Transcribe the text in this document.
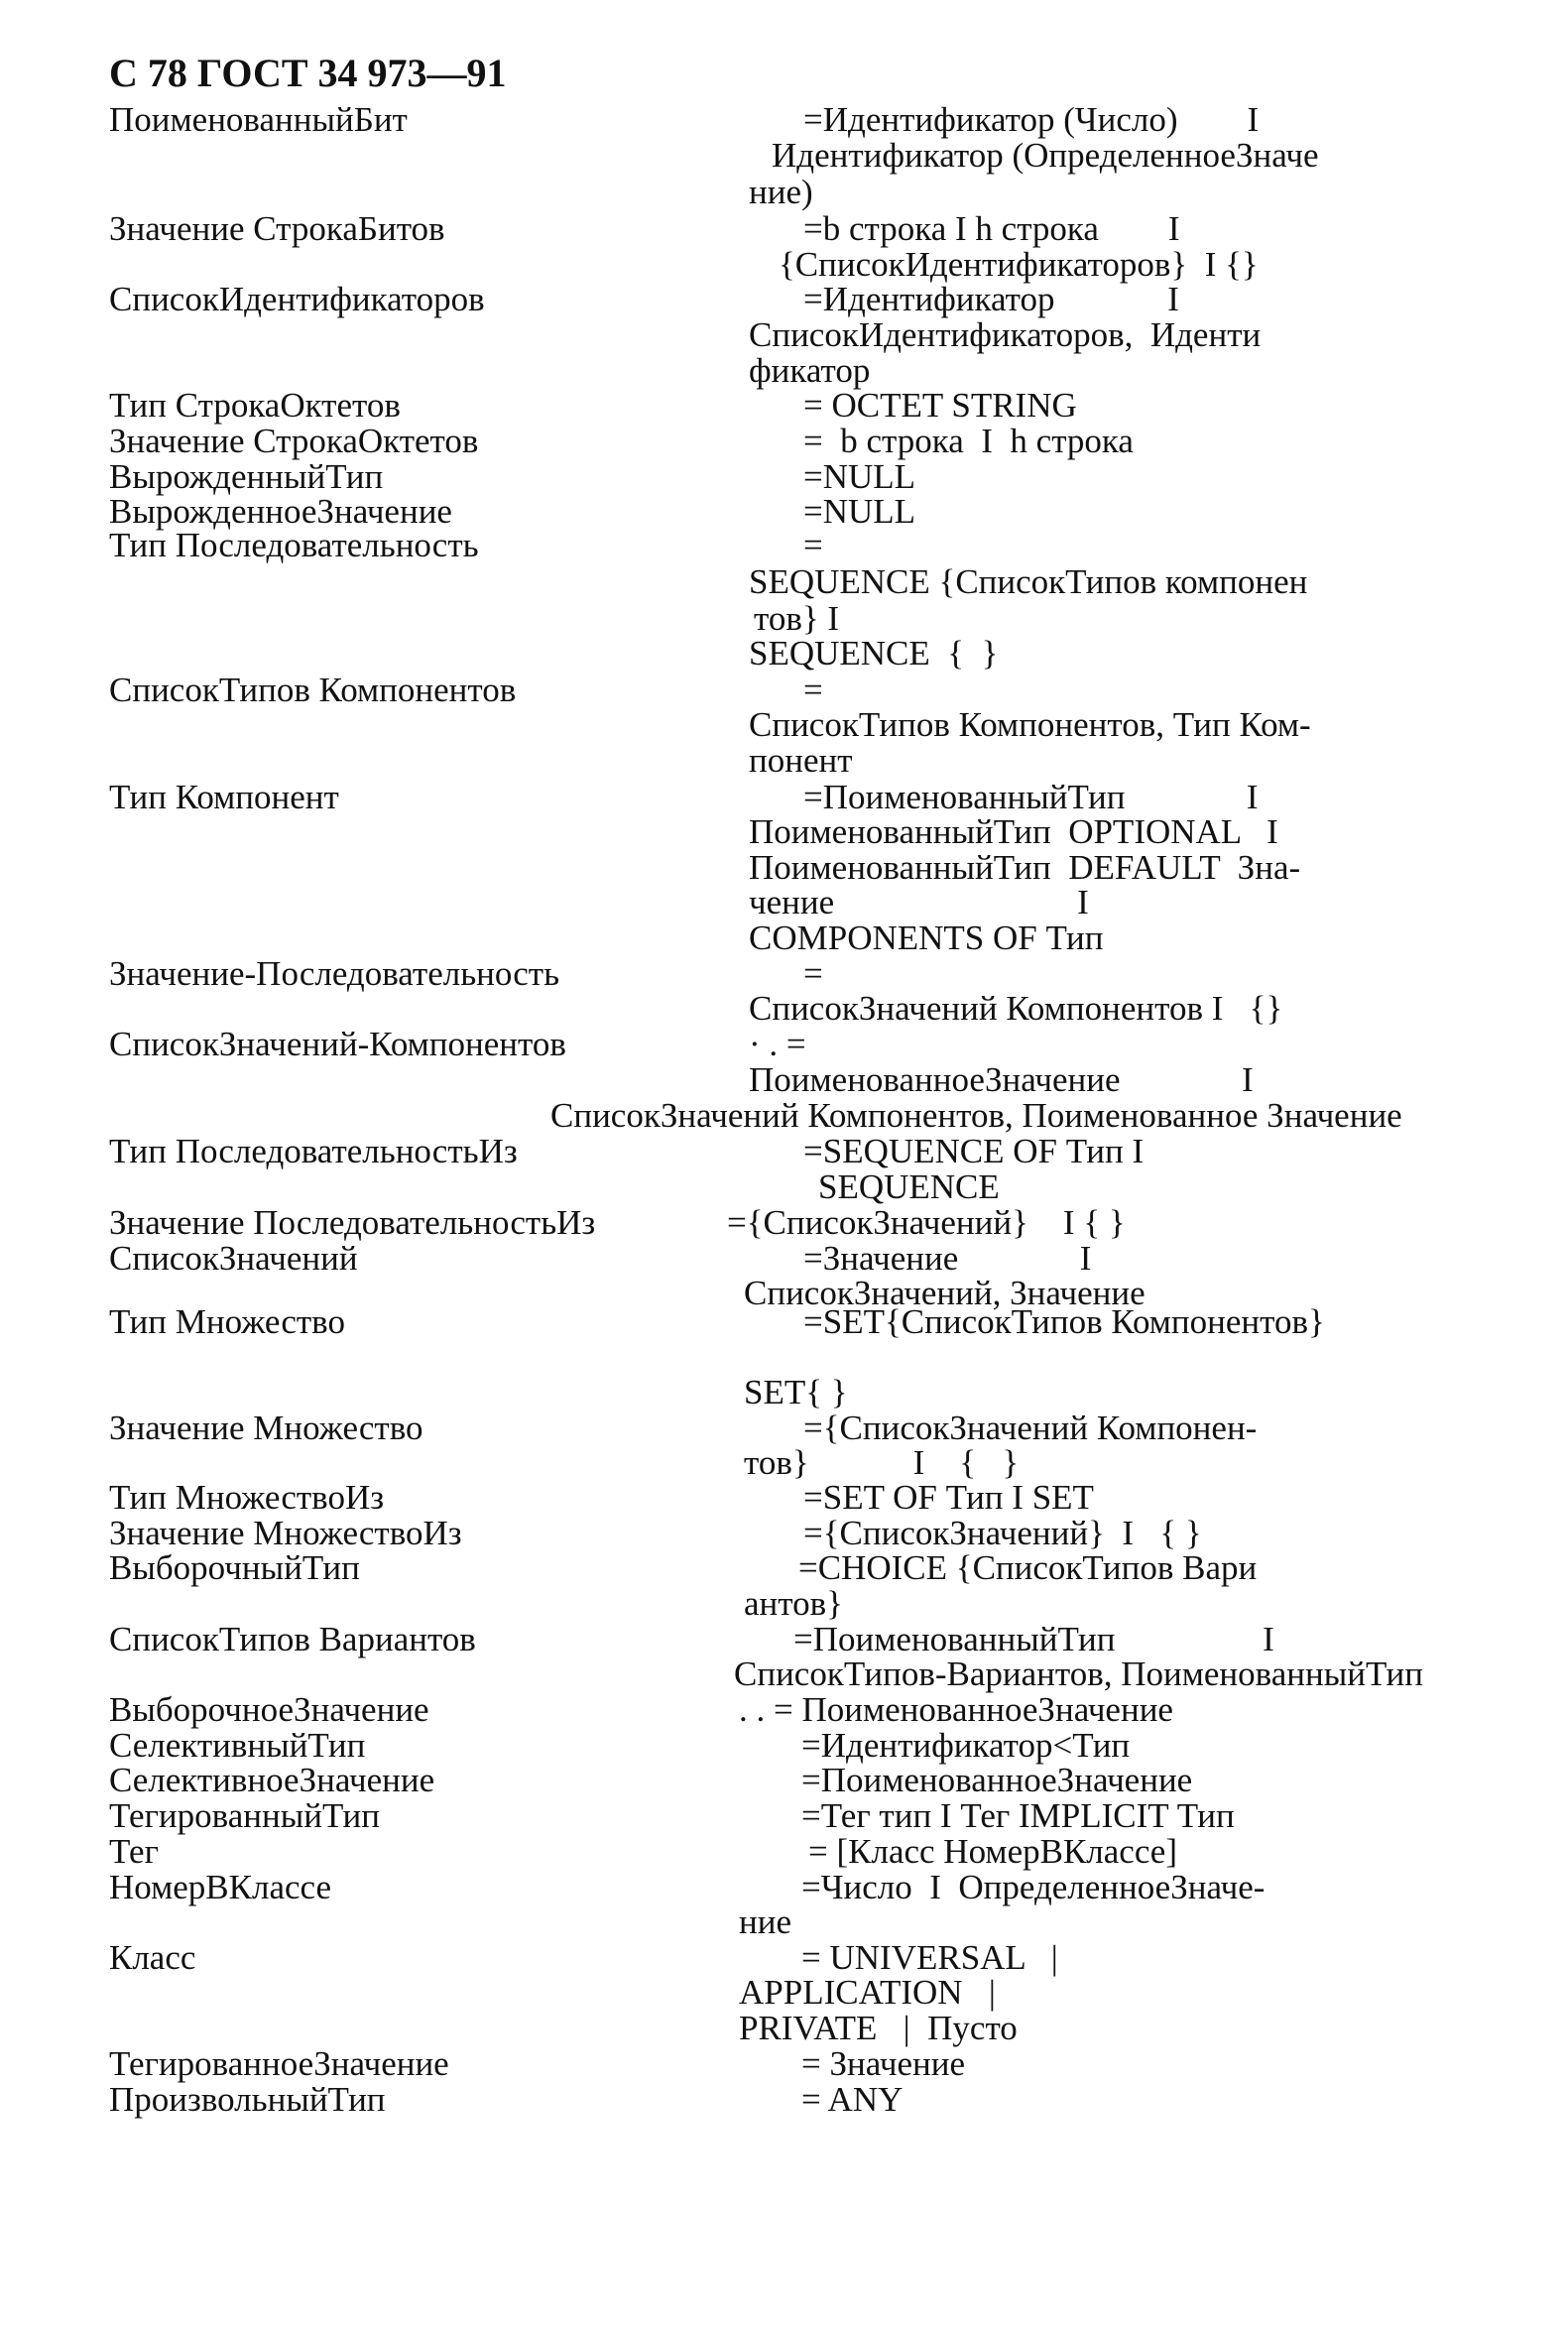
С 78 ГОСТ 34 973—91
ПоименованныйБит
Значение СтрокаБитов
СписокИдентификаторов
Тип СтрокаОктетов
Значение СтрокаОктетов
ВырожденныйТип
ВырожденноеЗначение
Тип Последовательность
СписокТипов Компонентов
Тип Компонент
Значение-Последовательность
СписокЗначений-Компонентов
Тип ПоследовательностьИз
Значение ПоследовательностьИз
СписокЗначений
Тип Множество
Значение Множество
Тип МножествоИз
Значение МножествоИз
ВыборочныйТип
СписокТипов Вариантов
ВыборочноеЗначение
СелективныйТип
СелективноеЗначение
ТегированныйТип
Тег
НомерВКлассе
Класс
ТегированноеЗначение
ПроизвольныйТип
=Идентификатор (Число)        I
Идентификатор (ОпределенноеЗначе
ние)
=b строка I h строка        I
{СписокИдентификаторов}  I {}
=Идентификатор             I
СписокИдентификаторов,  Иденти
фикатор
= OCTET STRING
=  b строка  I  h строка
=NULL
=NULL
=
SEQUENCE {СписокТипов компонен
тов} I
SEQUENCE  {  }
=
СписокТипов Компонентов, Тип Ком-
понент
=ПоименованныйТип              I
ПоименованныйТип  OPTIONAL   I
ПоименованныйТип  DEFAULT  Зна-
чение                            I
COMPONENTS OF Тип
=
СписокЗначений Компонентов I   {}
· . =
ПоименованноеЗначение              I
СписокЗначений Компонентов, Поименованное Значение
=SEQUENCE OF Тип I
SEQUENCE
={СписокЗначений}    I { }
=Значение              I
СписокЗначений, Значение
=SET{СписокТипов Компонентов}
SET{ }
={СписокЗначений Компонен-
тов}            I    {   }
=SET OF Тип I SET
={СписокЗначений}  I   { }
=CHOICE {СписокТипов Вари
антов}
=ПоименованныйТип                 I
СписокТипов-Вариантов, ПоименованныйТип
. . = ПоименованноеЗначение
=Идентификатор<Тип
=ПоименованноеЗначение
=Тег тип I Тег IMPLICIT Тип
= [Класс НомерВКлассе]
=Число  I  ОпределенноеЗначе-
ние
= UNIVERSAL   |
APPLICATION   |
PRIVATE   |  Пусто
= Значение
= ANY
